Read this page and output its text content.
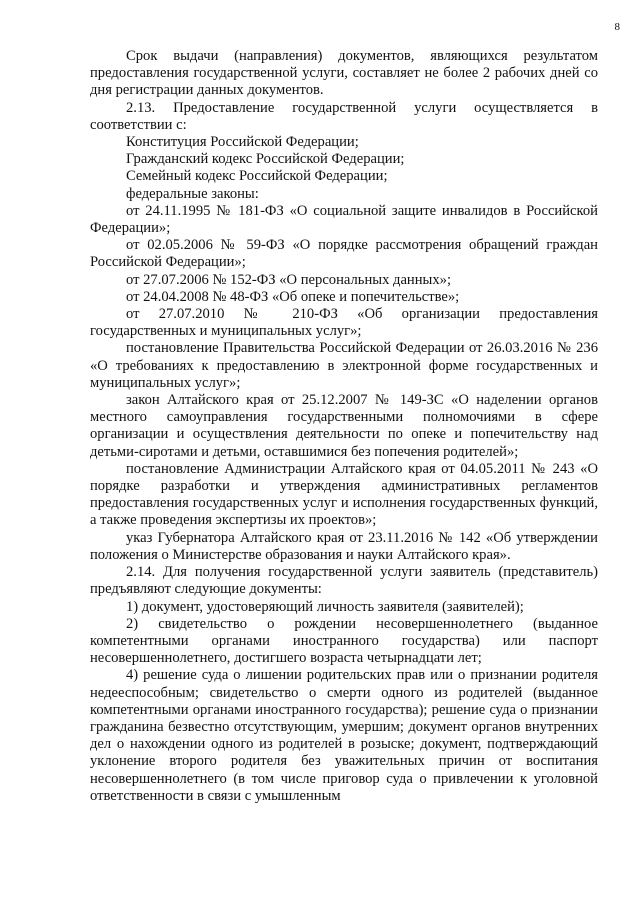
8

Срок выдачи (направления) документов, являющихся результатом предоставления государственной услуги, составляет не более 2 рабочих дней со дня регистрации данных документов.

2.13. Предоставление государственной услуги осуществляется в соответствии с:

Конституция Российской Федерации;

Гражданский кодекс Российской Федерации;

Семейный кодекс Российской Федерации;

федеральные законы:

от 24.11.1995 № 181-ФЗ «О социальной защите инвалидов в Российской Федерации»;

от 02.05.2006 № 59-ФЗ «О порядке рассмотрения обращений граждан Российской Федерации»;

от 27.07.2006 № 152-ФЗ «О персональных данных»;

от 24.04.2008 № 48-ФЗ «Об опеке и попечительстве»;

от 27.07.2010 № 210-ФЗ «Об организации предоставления государственных и муниципальных услуг»;

постановление Правительства Российской Федерации от 26.03.2016 № 236 «О требованиях к предоставлению в электронной форме государственных и муниципальных услуг»;

закон Алтайского края от 25.12.2007 № 149-ЗС «О наделении органов местного самоуправления государственными полномочиями в сфере организации и осуществления деятельности по опеке и попечительству над детьми-сиротами и детьми, оставшимися без попечения родителей»;

постановление Администрации Алтайского края от 04.05.2011 № 243 «О порядке разработки и утверждения административных регламентов предоставления государственных услуг и исполнения государственных функций, а также проведения экспертизы их проектов»;

указ Губернатора Алтайского края от 23.11.2016 № 142 «Об утверждении положения о Министерстве образования и науки Алтайского края».

2.14. Для получения государственной услуги заявитель (представитель) предъявляют следующие документы:

1) документ, удостоверяющий личность заявителя (заявителей);

2) свидетельство о рождении несовершеннолетнего (выданное компетентными органами иностранного государства) или паспорт несовершеннолетнего, достигшего возраста четырнадцати лет;

4) решение суда о лишении родительских прав или о признании родителя недееспособным; свидетельство о смерти одного из родителей (выданное компетентными органами иностранного государства); решение суда о признании гражданина безвестно отсутствующим, умершим; документ органов внутренних дел о нахождении одного из родителей в розыске; документ, подтверждающий уклонение второго родителя без уважительных причин от воспитания несовершеннолетнего (в том числе приговор суда о привлечении к уголовной ответственности в связи с умышленным
